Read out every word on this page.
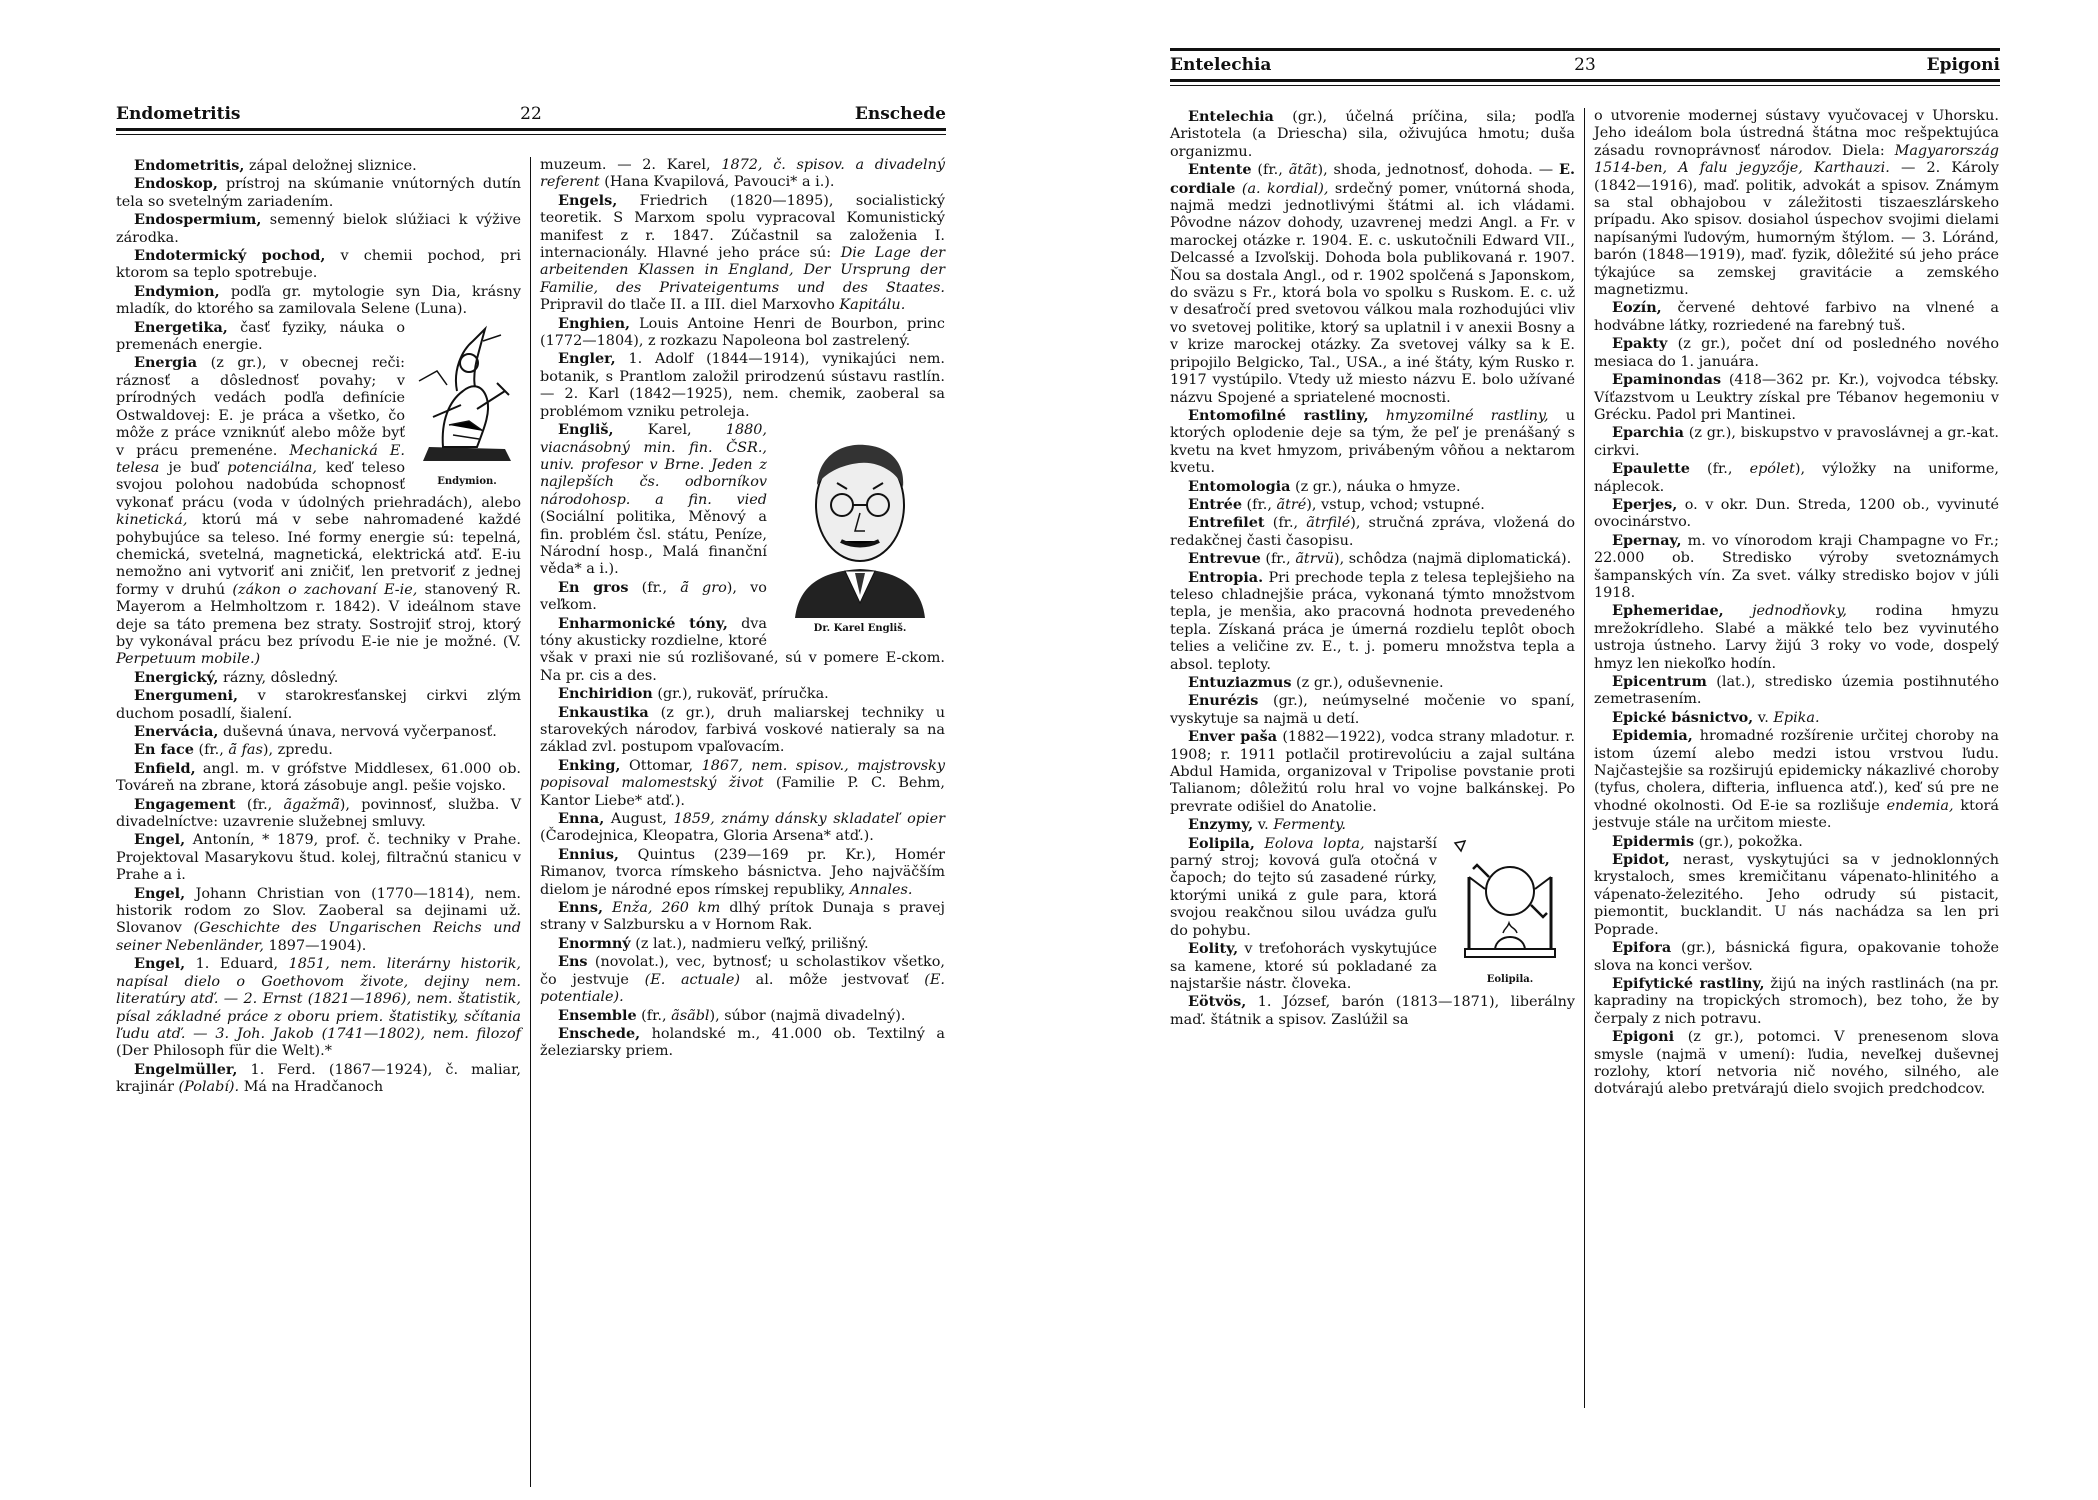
Endometritis	22	Enschede

Endometritis, zápal deložnej sliznice.

Endoskop, prístroj na skúmanie vnútorných dutín tela so svetelným zariadením.

Endospermium, semenný bielok slúžiaci k výžive zárodka.

Endotermický pochod, v chemii pochod, pri ktorom sa teplo spotrebuje.

Endymion, podľa gr. mytologie syn Dia, krásny mladík, do ktorého sa zamilovala Selene (Luna).

Endymion.

Energetika, časť fyziky, náuka o premenách energie.

Energia (z gr.), v obecnej reči: ráznosť a dôslednosť povahy; v prírodných vedách podľa definície Ostwaldovej: E. je práca a všetko, čo môže z práce vzniknúť alebo môže byť v prácu premenéne. Mechanická E. telesa je buď potenciálna, keď teleso svojou polohou nadobúda schopnosť vykonať prácu (voda v údolných priehradách), alebo kinetická, ktorú má v sebe nahromadené každé pohybujúce sa teleso. Iné formy energie sú: tepelná, chemická, svetelná, magnetická, elektrická atď. E-iu nemožno ani vytvoriť ani zničiť, len pretvoriť z jednej formy v druhú (zákon o zachovaní E-ie, stanovený R. Mayerom a Helmholtzom r. 1842). V ideálnom stave deje sa táto premena bez straty. Sostrojiť stroj, ktorý by vykonával prácu bez prívodu E-ie nie je možné. (V. Perpetuum mobile.)

Energický, rázny, dôsledný.

Energumeni, v starokresťanskej cirkvi zlým duchom posadlí, šialení.

Enervácia, duševná únava, nervová vyčerpanosť.

En face (fr., ã̃ fas), zpredu.

Enfield, angl. m. v grófstve Middlesex, 61.000 ob. Továreň na zbrane, ktorá zásobuje angl. pešie vojsko.

Engagement (fr., ãgažmã̃), povinnosť, služba. V divadelníctve: uzavrenie služebnej smluvy.

Engel, Antonín, * 1879, prof. č. techniky v Prahe. Projektoval Masarykovu štud. kolej, filtračnú stanicu v Prahe a i.

Engel, Johann Christian von (1770—1814), nem. historik rodom zo Slov. Zaoberal sa dejinami už. Slovanov (Geschichte des Ungarischen Reichs und seiner Nebenländer, 1897—1904).

Engel, 1. Eduard, 1851, nem. literárny historik, napísal dielo o Goethovom živote, dejiny nem. literatúry atď. — 2. Ernst (1821—1896), nem. štatistik, písal základné práce z oboru priem. štatistiky, sčítania ľudu atď. — 3. Joh. Jakob (1741—1802), nem. filozof (Der Philosoph für die Welt).*

Engelmüller, 1. Ferd. (1867—1924), č. maliar, krajinár (Polabí). Má na Hradčanoch

muzeum. — 2. Karel, 1872, č. spisov. a divadelný referent (Hana Kvapilová, Pavouci* a i.).

Engels, Friedrich (1820—1895), socialistický teoretik. S Marxom spolu vypracoval Komunistický manifest z r. 1847. Zúčastnil sa založenia I. internacionály. Hlavné jeho práce sú: Die Lage der arbeitenden Klassen in England, Der Ursprung der Familie, des Privateigentums und des Staates. Pripravil do tlače II. a III. diel Marxovho Kapitálu.

Enghien, Louis Antoine Henri de Bourbon, princ (1772—1804), z rozkazu Napoleona bol zastrelený.

Engler, 1. Adolf (1844—1914), vynikajúci nem. botanik, s Prantlom založil prirodzenú sústavu rastlín. — 2. Karl (1842—1925), nem. chemik, zaoberal sa problémom vzniku petroleja.

Dr. Karel Engliš.

Engliš, Karel, 1880, viacnásobný min. fin. ČSR., univ. profesor v Brne. Jeden z najlepších čs. odborníkov národohosp. a fin. vied (Sociální politika, Měnový a fin. problém čsl. státu, Peníze, Národní hosp., Malá finanční věda* a i.).

En gros (fr., ã̃ gro), vo veľkom.

Enharmonické tóny, dva tóny akusticky rozdielne, ktoré však v praxi nie sú rozlišované, sú v pomere E-ckom. Na pr. cis a des.

Enchiridion (gr.), rukoväť, príručka.

Enkaustika (z gr.), druh maliarskej techniky u starovekých národov, farbivá voskové natieraly sa na základ zvl. postupom vpaľovacím.

Enking, Ottomar, 1867, nem. spisov., majstrovsky popisoval malomestský život (Familie P. C. Behm, Kantor Liebe* atď.).

Enna, August, 1859, známy dánsky skladateľ opier (Čarodejnica, Kleopatra, Gloria Arsena* atď.).

Ennius, Quintus (239—169 pr. Kr.), Homér Rimanov, tvorca rímskeho básnictva. Jeho najväčším dielom je národné epos rímskej republiky, Annales.

Enns, Enža, 260 km dlhý prítok Dunaja s pravej strany v Salzbursku a v Hornom Rak.

Enormný (z lat.), nadmieru veľký, prilišný.

Ens (novolat.), vec, bytnosť; u scholastikov všetko, čo jestvuje (E. actuale) al. môže jestvovať (E. potentiale).

Ensemble (fr., ãsãbl), súbor (najmä divadelný).

Enschede, holandské m., 41.000 ob. Textilný a železiarsky priem.

Entelechia	23	Epigoni

Entelechia (gr.), účelná príčina, sila; podľa Aristotela (a Driescha) sila, oživujúca hmotu; duša organizmu.

Entente (fr., ãtãt), shoda, jednotnosť, dohoda. — E. cordiale (a. kordial), srdečný pomer, vnútorná shoda, najmä medzi jednotlivými štátmi al. ich vládami. Pôvodne názov dohody, uzavrenej medzi Angl. a Fr. v marockej otázke r. 1904. E. c. uskutočnili Edward VII., Delcassé a Izvoľskij. Dohoda bola publikovaná r. 1907. Ňou sa dostala Angl., od r. 1902 spolčená s Japonskom, do sväzu s Fr., ktorá bola vo spolku s Ruskom. E. c. už v desaťročí pred svetovou válkou mala rozhodujúci vliv vo svetovej politike, ktorý sa uplatnil i v anexii Bosny a v krize marockej otázky. Za svetovej války sa k E. pripojilo Belgicko, Tal., USA., a iné štáty, kým Rusko r. 1917 vystúpilo. Vtedy už miesto názvu E. bolo užívané názvu Spojené a spriatelené mocnosti.

Entomofilné rastliny, hmyzomilné rastliny, u ktorých oplodenie deje sa tým, že peľ je prenášaný s kvetu na kvet hmyzom, privábeným vôňou a nektarom kvetu.

Entomologia (z gr.), náuka o hmyze.

Entrée (fr., ãtré), vstup, vchod; vstupné.

Entrefilet (fr., ãtrfilé), stručná zpráva, vložená do redakčnej časti časopisu.

Entrevue (fr., ãtrvü), schôdza (najmä diplomatická).

Entropia. Pri prechode tepla z telesa teplejšieho na teleso chladnejšie práca, vykonaná týmto množstvom tepla, je menšia, ako pracovná hodnota prevedeného tepla. Získaná práca je úmerná rozdielu teplôt oboch telies a veličine zv. E., t. j. pomeru množstva tepla a absol. teploty.

Entuziazmus (z gr.), oduševnenie.

Enurézis (gr.), neúmyselné močenie vo spaní, vyskytuje sa najmä u detí.

Enver paša (1882—1922), vodca strany mladotur. r. 1908; r. 1911 potlačil protirevolúciu a zajal sultána Abdul Hamida, organizoval v Tripolise povstanie proti Talianom; dôležitú rolu hral vo vojne balkánskej. Po prevrate odišiel do Anatolie.

Enzymy, v. Fermenty.

Eolipila.

Eolipila, Eolova lopta, najstarší parný stroj; kovová guľa otočná v čapoch; do tejto sú zasadené rúrky, ktorými uniká z gule para, ktorá svojou reakčnou silou uvádza guľu do pohybu.

Eolity, v treťohorách vyskytujúce sa kamene, ktoré sú pokladané za najstaršie nástr. človeka.

Eötvös, 1. József, barón (1813—1871), liberálny maď. štátnik a spisov. Zaslúžil sa

o utvorenie modernej sústavy vyučovacej v Uhorsku. Jeho ideálom bola ústredná štátna moc rešpektujúca zásadu rovnoprávnosť národov. Diela: Magyarország 1514-ben, A falu jegyzője, Karthauzi. — 2. Károly (1842—1916), maď. politik, advokát a spisov. Známym sa stal obhajobou v záležitosti tiszaeszlárskeho prípadu. Ako spisov. dosiahol úspechov svojimi dielami napísanými ľudovým, humorným štýlom. — 3. Lóránd, barón (1848—1919), maď. fyzik, dôležité sú jeho práce týkajúce sa zemskej gravitácie a zemského magnetizmu.

Eozín, červené dehtové farbivo na vlnené a hodvábne látky, rozriedené na farebný tuš.

Epakty (z gr.), počet dní od posledného nového mesiaca do 1. januára.

Epaminondas (418—362 pr. Kr.), vojvodca tébsky. Víťazstvom u Leuktry získal pre Tébanov hegemoniu v Grécku. Padol pri Mantinei.

Eparchia (z gr.), biskupstvo v pravoslávnej a gr.-kat. cirkvi.

Epaulette (fr., epólet), výložky na uniforme, náplecok.

Eperjes, o. v okr. Dun. Streda, 1200 ob., vyvinuté ovocinárstvo.

Epernay, m. vo vínorodom kraji Champagne vo Fr.; 22.000 ob. Stredisko výroby svetoznámych šampanských vín. Za svet. války stredisko bojov v júli 1918.

Ephemeridae, jednodňovky, rodina hmyzu mrežokrídleho. Slabé a mäkké telo bez vyvinutého ustroja ústneho. Larvy žijú 3 roky vo vode, dospelý hmyz len niekoľko hodín.

Epicentrum (lat.), stredisko územia postihnutého zemetrasením.

Epické básnictvo, v. Epika.

Epidemia, hromadné rozšírenie určitej choroby na istom území alebo medzi istou vrstvou ľudu. Najčastejšie sa rozširujú epidemicky nákazlivé choroby (tyfus, cholera, difteria, influenca atď.), keď sú pre ne vhodné okolnosti. Od E-ie sa rozlišuje endemia, ktorá jestvuje stále na určitom mieste.

Epidermis (gr.), pokožka.

Epidot, nerast, vyskytujúci sa v jednoklonných krystaloch, smes kremičitanu vápenato-hlinitého a vápenato-železitého. Jeho odrudy sú pistacit, piemontit, bucklandit. U nás nachádza sa len pri Poprade.

Epifora (gr.), básnická figura, opakovanie tohože slova na konci veršov.

Epifytické rastliny, žijú na iných rastlinách (na pr. kapradiny na tropických stromoch), bez toho, že by čerpaly z nich potravu.

Epigoni (z gr.), potomci. V prenesenom slova smysle (najmä v umení): ľudia, neveľkej duševnej rozlohy, ktorí netvoria nič nového, silného, ale dotvárajú alebo pretvárajú dielo svojich predchodcov.
